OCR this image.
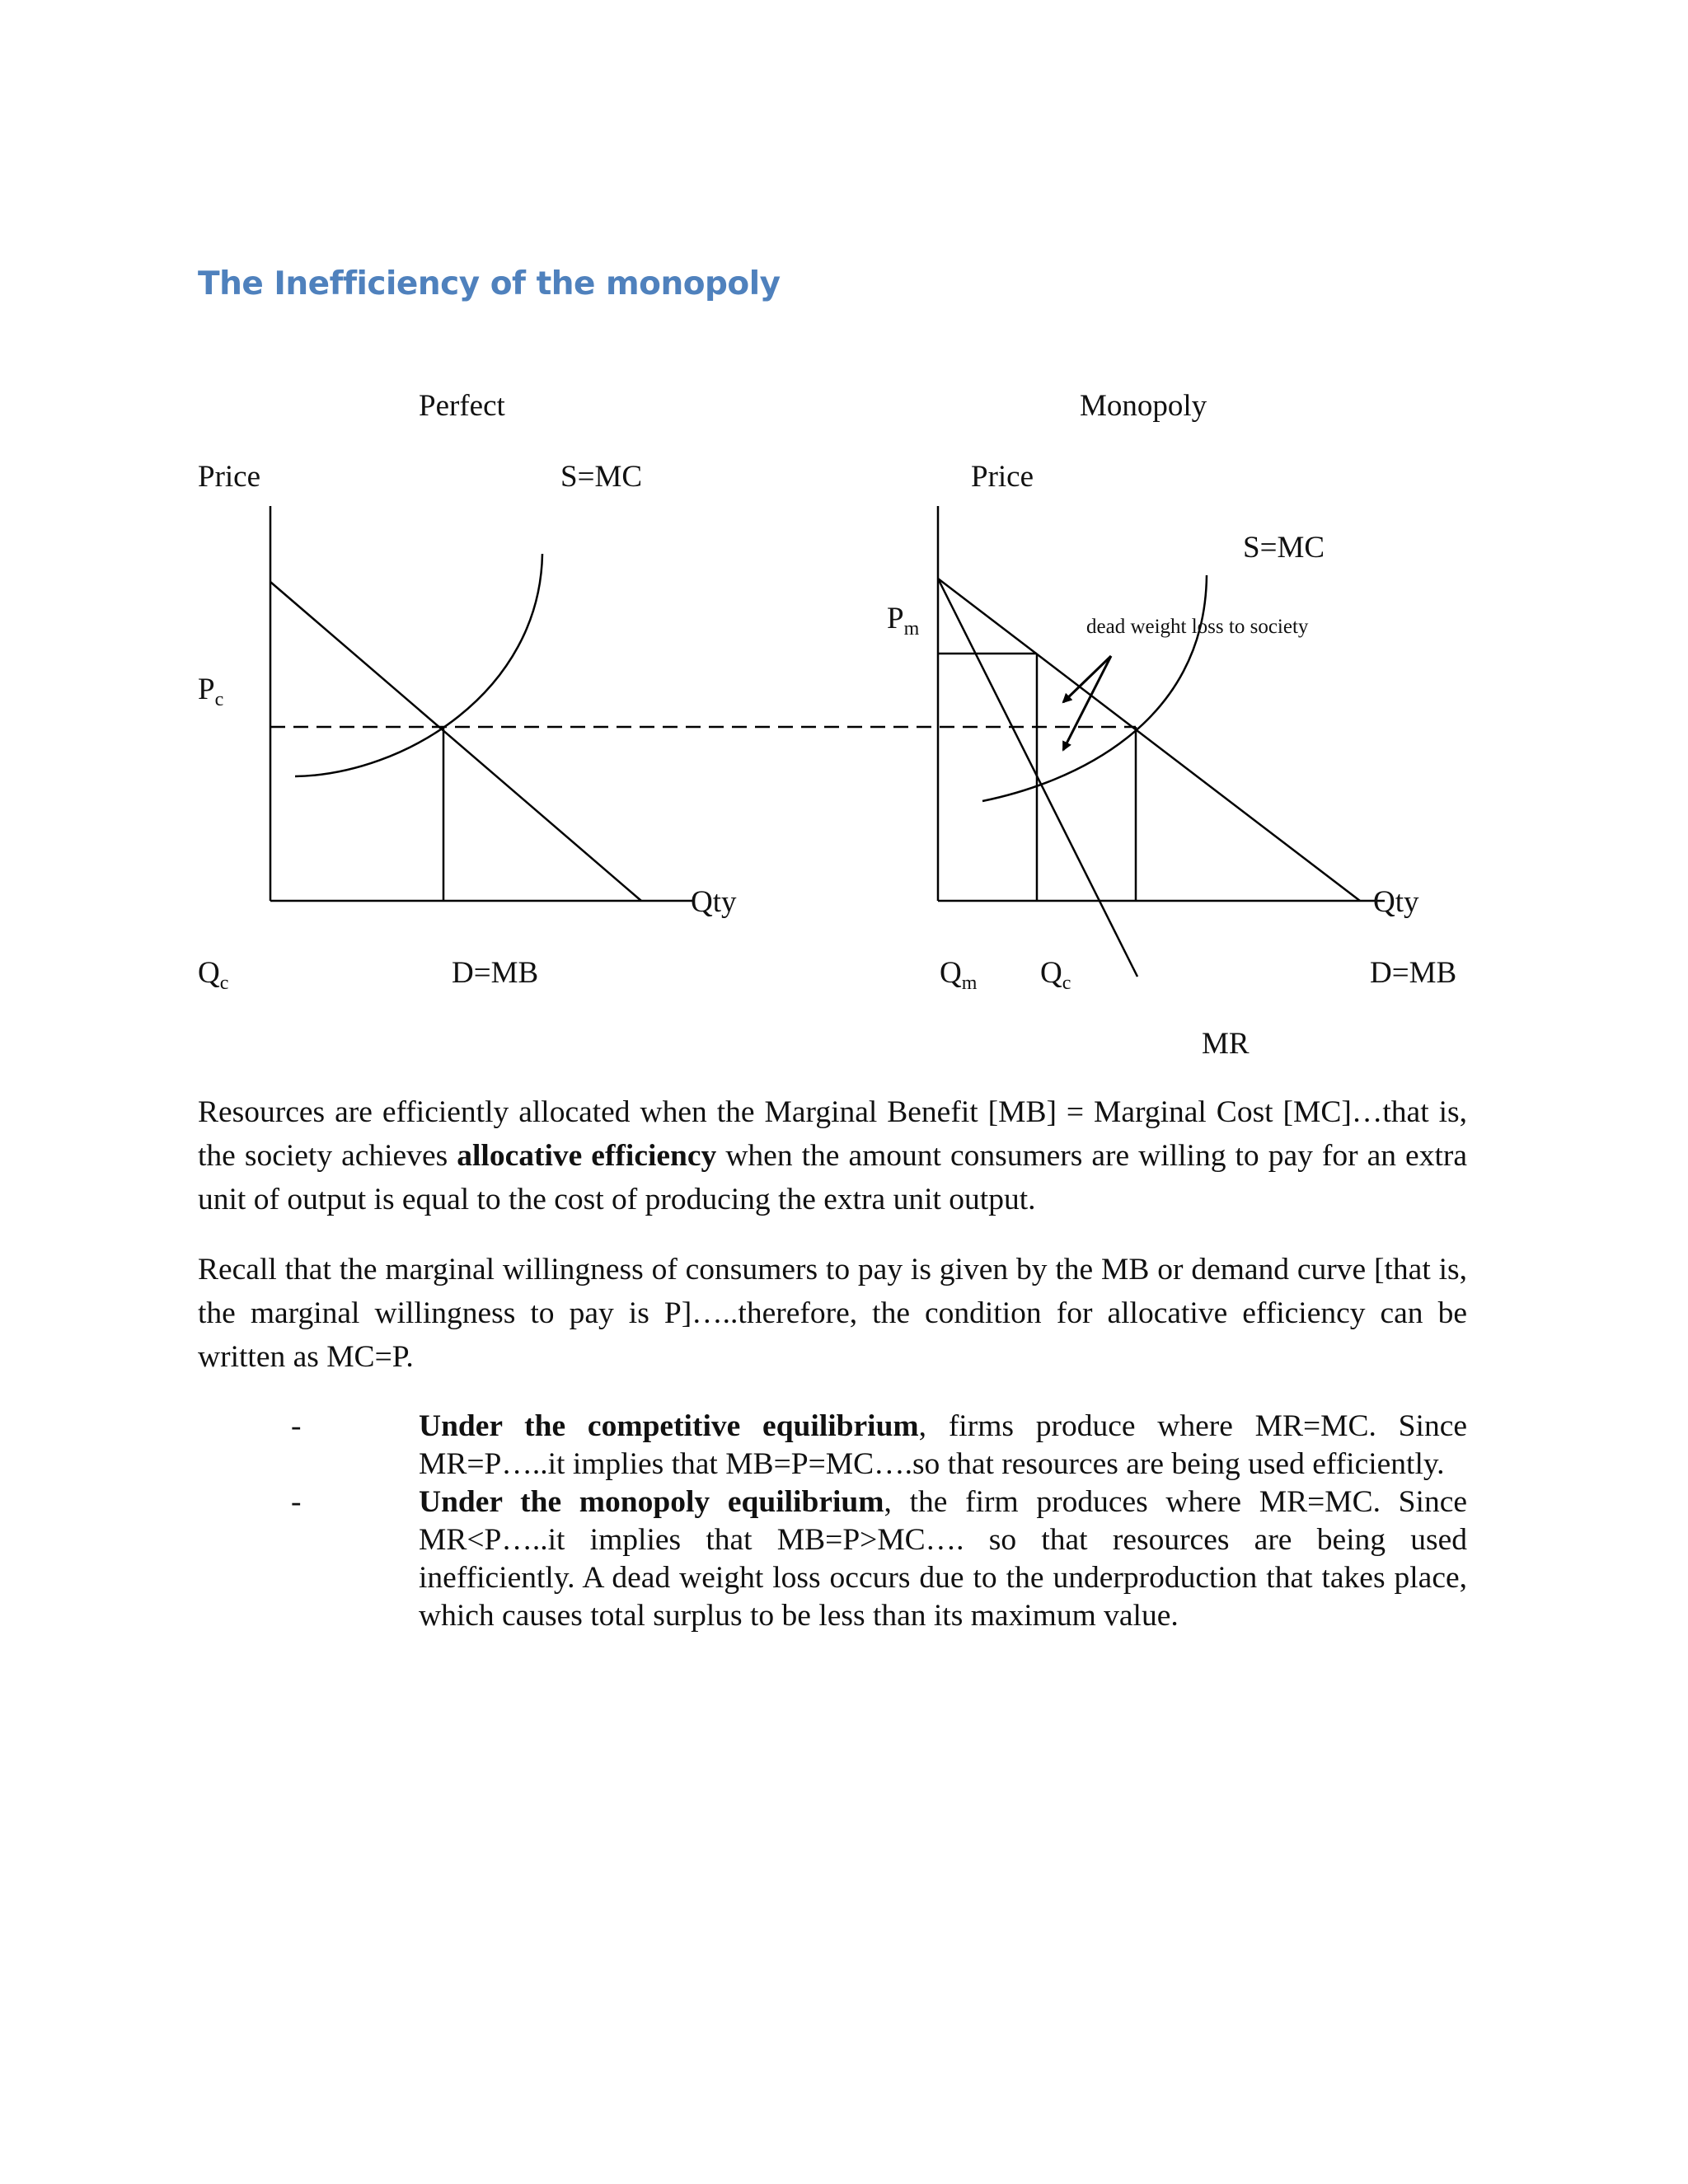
The Inefficiency of the monopoly
Perfect
Price	S=MC
$P_c$
Qty
$Q_c$	D=MB
Monopoly
Price
S=MC
$P_m$	dead weight loss to society
Qty
$Q_m$ $Q_c$	D=MB
MR

Resources are efficiently allocated when the Marginal Benefit [MB] = Marginal Cost [MC]…that is, the society achieves allocative efficiency when the amount consumers are willing to pay for an extra unit of output is equal to the cost of producing the extra unit output.

Recall that the marginal willingness of consumers to pay is given by the MB or demand curve [that is, the marginal willingness to pay is P]…..therefore, the condition for allocative efficiency can be written as MC=P.

-	Under the competitive equilibrium, firms produce where MR=MC. Since MR=P…..it implies that MB=P=MC….so that resources are being used efficiently.
-	Under the monopoly equilibrium, the firm produces where MR=MC. Since MR<P…..it implies that MB=P>MC…. so that resources are being used inefficiently. A dead weight loss occurs due to the underproduction that takes place, which causes total surplus to be less than its maximum value.
